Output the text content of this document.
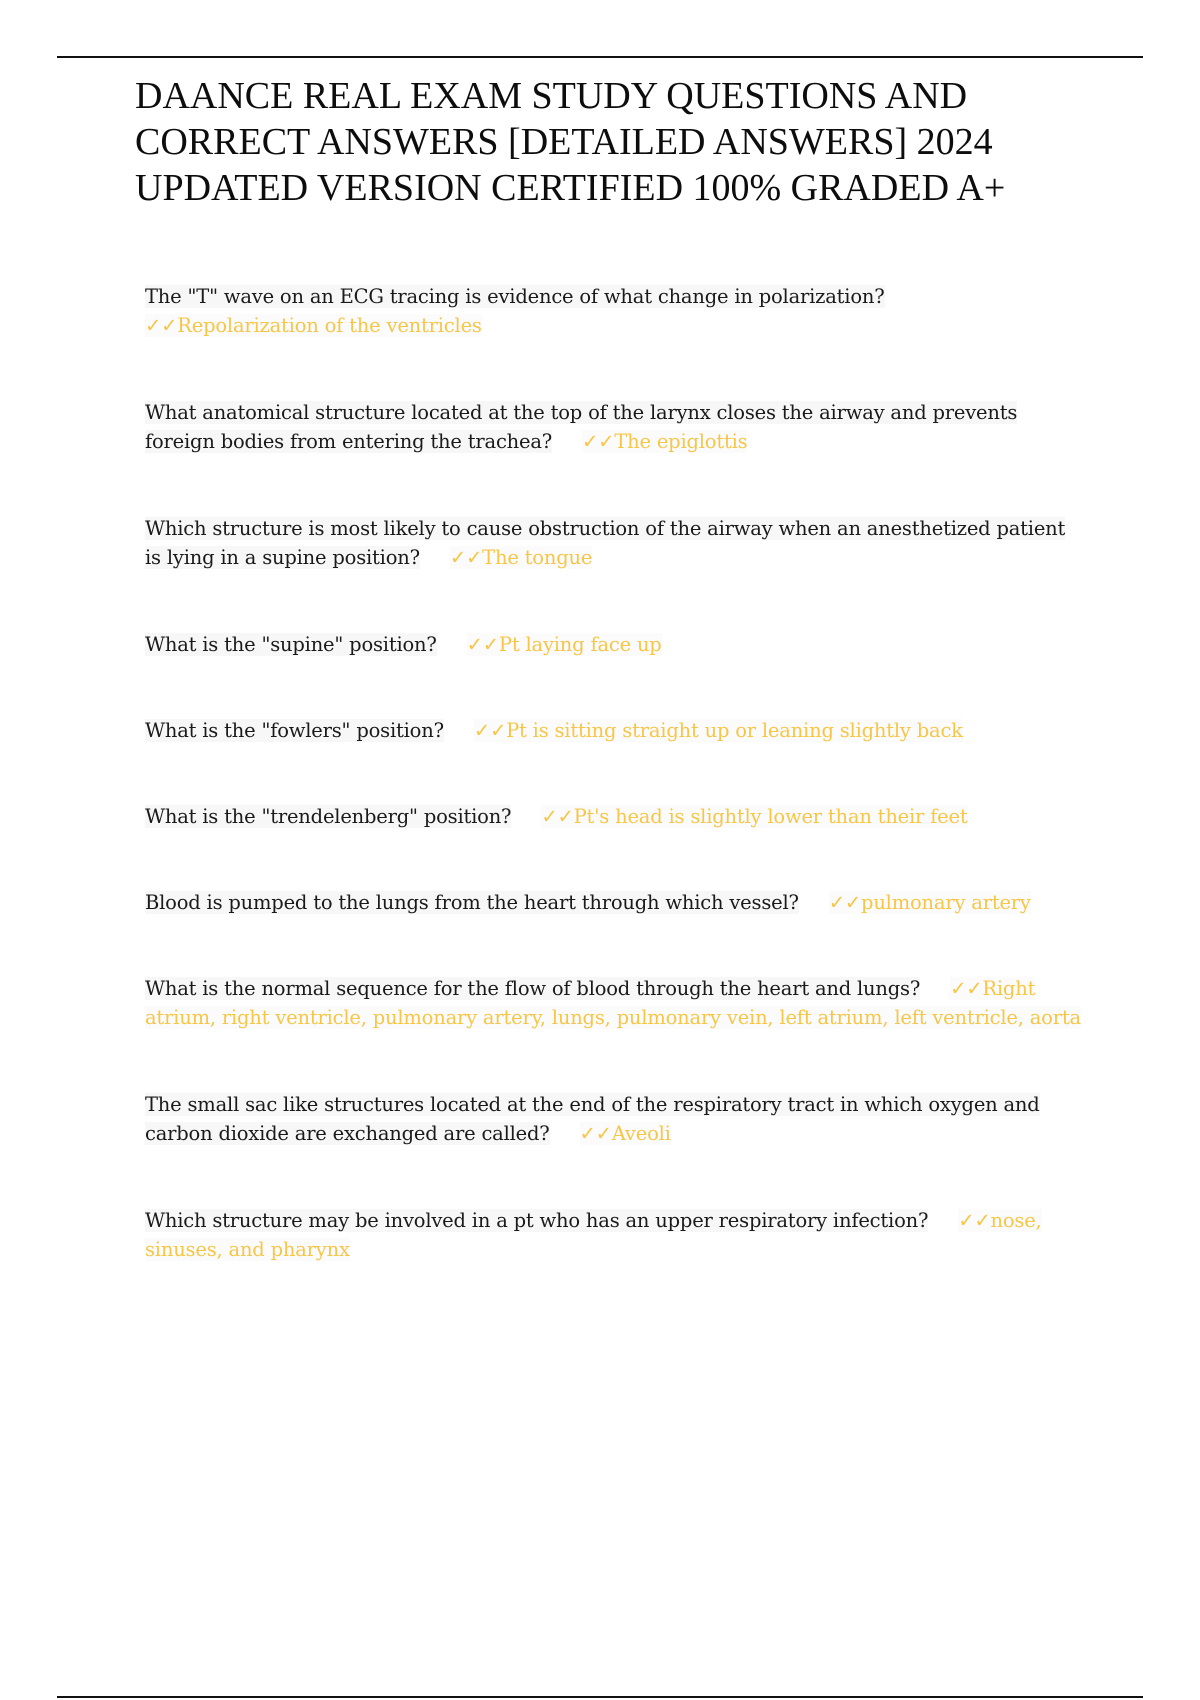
DAANCE REAL EXAM STUDY QUESTIONS AND CORRECT ANSWERS [DETAILED ANSWERS] 2024 UPDATED VERSION CERTIFIED 100% GRADED A+

The "T" wave on an ECG tracing is evidence of what change in polarization?
✓✓Repolarization of the ventricles

What anatomical structure located at the top of the larynx closes the airway and prevents foreign bodies from entering the trachea? ✓✓The epiglottis

Which structure is most likely to cause obstruction of the airway when an anesthetized patient is lying in a supine position? ✓✓The tongue

What is the "supine" position? ✓✓Pt laying face up

What is the "fowlers" position? ✓✓Pt is sitting straight up or leaning slightly back

What is the "trendelenberg" position? ✓✓Pt's head is slightly lower than their feet

Blood is pumped to the lungs from the heart through which vessel? ✓✓pulmonary artery

What is the normal sequence for the flow of blood through the heart and lungs? ✓✓Right atrium, right ventricle, pulmonary artery, lungs, pulmonary vein, left atrium, left ventricle, aorta

The small sac like structures located at the end of the respiratory tract in which oxygen and carbon dioxide are exchanged are called? ✓✓Aveoli

Which structure may be involved in a pt who has an upper respiratory infection? ✓✓nose, sinuses, and pharynx
